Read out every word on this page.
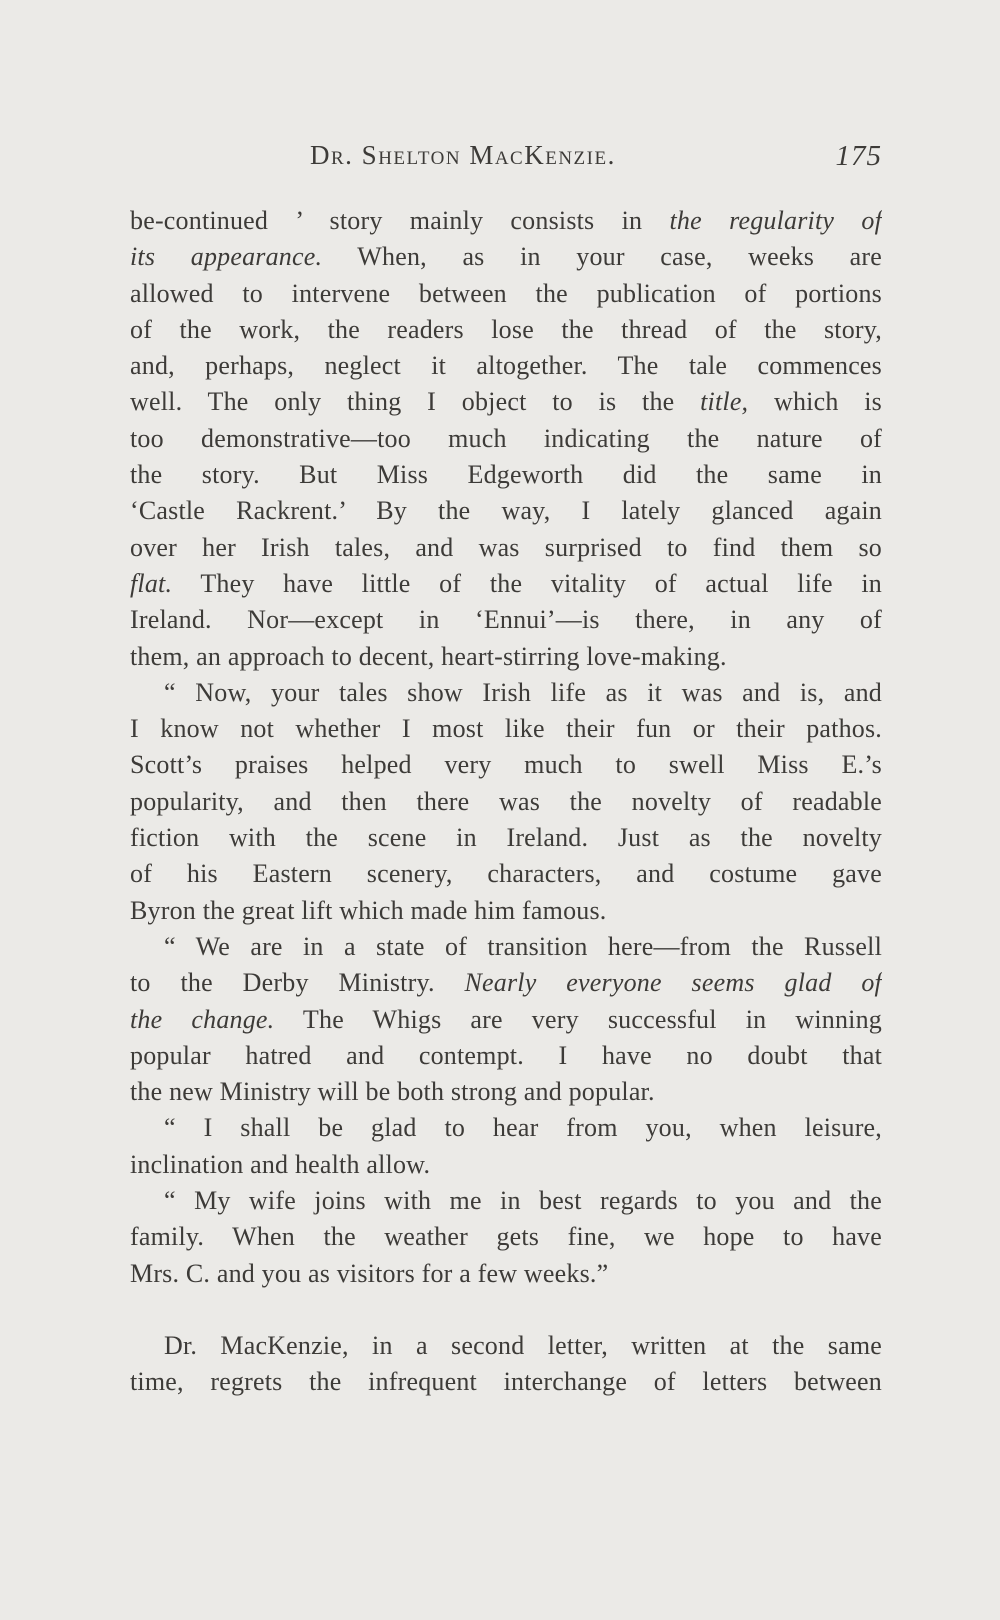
Dr. Shelton MacKenzie.	175
be-continued ’ story mainly consists in the regularity of
its appearance. When, as in your case, weeks are
allowed to intervene between the publication of portions
of the work, the readers lose the thread of the story,
and, perhaps, neglect it altogether. The tale commences
well. The only thing I object to is the title, which is
too demonstrative—too much indicating the nature of
the story. But Miss Edgeworth did the same in
‘Castle Rackrent.’ By the way, I lately glanced again
over her Irish tales, and was surprised to find them so
flat. They have little of the vitality of actual life in
Ireland. Nor—except in ‘Ennui’—is there, in any of
them, an approach to decent, heart-stirring love-making.
“ Now, your tales show Irish life as it was and is, and
I know not whether I most like their fun or their pathos.
Scott’s praises helped very much to swell Miss E.’s
popularity, and then there was the novelty of readable
fiction with the scene in Ireland. Just as the novelty
of his Eastern scenery, characters, and costume gave
Byron the great lift which made him famous.
“ We are in a state of transition here—from the Russell
to the Derby Ministry. Nearly everyone seems glad of
the change. The Whigs are very successful in winning
popular hatred and contempt. I have no doubt that
the new Ministry will be both strong and popular.
“ I shall be glad to hear from you, when leisure,
inclination and health allow.
“ My wife joins with me in best regards to you and the
family. When the weather gets fine, we hope to have
Mrs. C. and you as visitors for a few weeks.”
Dr. MacKenzie, in a second letter, written at the same
time, regrets the infrequent interchange of letters between
